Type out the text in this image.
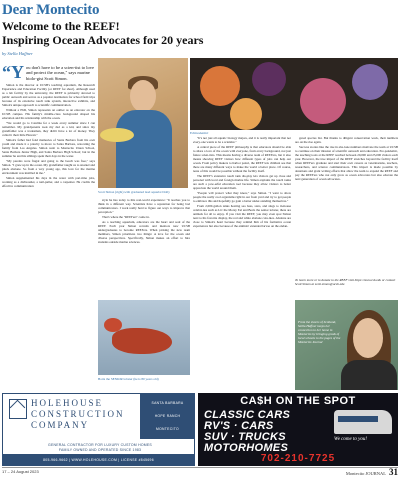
Dear Montecito
Welcome to the REEF!
Inspiring Ocean Advocates for 20 years
by Stella Haffner
“Y ou don't have to be a scien-tist to love and protect the ocean," says marine biolo-gist Scott Simon.

Simon is the director at UCSB's teaching aquarium, the Research Experience and Education Facility (or REEF for short). Although used as a lab facility by the university, the REEF is primarily devoted to public outreach and serves as a popular destination for school field trips because of its extensive touch tank system, interactive exhibits, and Simon's unique approach to scientific communication.

Without a PhD, Simon represents an outlier as an educator on the UCSB campus. His family's middle-class background shaped his education and his relationship with the ocean.

"We would go to Catalina for a week every summer since I can remember. My grandparents took my dad as a kid, and since my grandfather was a tradesman, they didn't have a lot of money. They called it their little Hawaii."

Simon's father had fond memories of Santa Barbara from his own youth and made it a priority to move to Santa Barbara, relocating the family from Los Angeles. Simon went to Montecito Union School, Santa Barbara Junior High, and Santa Barbara High School; but in the summer he and his siblings spent their days in the water.

"My parents were frugal and going to the beach was free," says Simon. "I grew up in the ocean. My grandfather taught us to snorkel and pluck abalone. So from a very young age, this love for the marine environment was instilled in me."

Simon supplemented his days in the water with part-time jobs, working as a dishwasher, a nail-puller, and a carpenter. He credits the effective communication

Scott Simon (right) with graduated lead aquarist Dolly
Echinoderms!

style he has today to this real-world experience: "It teaches you to think in a different way. Scientists have a reputation for being bad communicators. I work really hard to figure out ways to improve that perception."

That's where the "REEFers" come in.

As a teaching aquarium, educators are the heart and soul of the REEF. Each year Simon recruits and mentors new UCSB undergraduates to become REEFers. When picking the new team members, Simon prioritizes two things: A love for the ocean and diverse perspectives. Specifically, Simon makes an effort to hire students outside marine sciences.

Boris the SENIOR lobster (he is 80 years old)

"It's not just all aquatic biology majors, and it is really important that not every-one wants to be a scientist."

A central piece of the REEF philosophy is that educators should be able to share a love of the ocean with everyone, from every background, not just future scien-tists. This means having a diverse team of REEFers, but it also means showing REEF visitors how different types of jobs can help our ocean. From policy makers to harbor patrol, the REEF lets children see that there are many different ways to make the world a better place. Of course, none of this would be possible without the facility itself.

The REEF's extensive touch tank dis-play lets visitors get up close and personal with local and foreign marine life. Simon explains the touch tanks are such a pow-erful education tool because they allow visitors to better appreciate the world around them.

"People will protect what they know," says Simon. "I want to show people the really cool organisms right in our front yard and try to get people to embrace this and hopefully go gain a better under-standing themselves."

From 2,000-gallon tanks hosting sea bass, stars, and slugs to in-house celebri-ties such as Liv the Moray Eel and Boris the senior lobster, there are animals for all to enjoy. If you visit the REEF, you may even spot Simon next to his favorite display, the red and white abalone cola-nies. Abalone are close to Simon's heart because they remind him of his formative ocean experiences but also because of the animals' extended larvae on the endan-

gered species list. But thanks to diligent conservation work, their numbers are on the rise again.

Success stories like the rise in aba-lone numbers motivate the team at UCSB to continue on their mission of scientific outreach and education. Pre-pandemic, the teaching tools at the REEF reached between 20,000 and 25,000 visitors each year. However, the true impact of the REEF stretches beyond the facility itself when REEFers graduate and start their own careers as veterinarians, teachers, researchers, and science communicators. This impact is made possible by donations and grant writing efforts that allow the team to expand the REEF and pay the REEFers who not only grow as ocean advocates but also educate the next generation of ocean advocates.

To learn more or to donate to the REEF visit https://msi.ucsb.edu or contact Scott Simon at scott.simon@ucsb.edu
From the shores of Scotland, Stella Haffner keeps her connection to her home in Montecito by bringing grads of local schools to the pages of the Montecito Journal
HOLEHOUSE
CONSTRUCTION
COMPANY
SANTA BARBARA
HOPE RANCH
MONTECITO
GENERAL CONTRACTOR FOR LUXURY CUSTOM HOMES
FAMILY OWNED AND OPERATED SINCE 1983
805-966-9662 | WWW.HOLEHOUSE.COM | LICENSE #845696
CA$H ON THE SPOT
CLASSIC CARS
RV'S · CARS
SUV · TRUCKS
MOTORHOMES
We come to you!
702-210-7725
17 – 24 August 2023	Montecito JOURNAL 31
